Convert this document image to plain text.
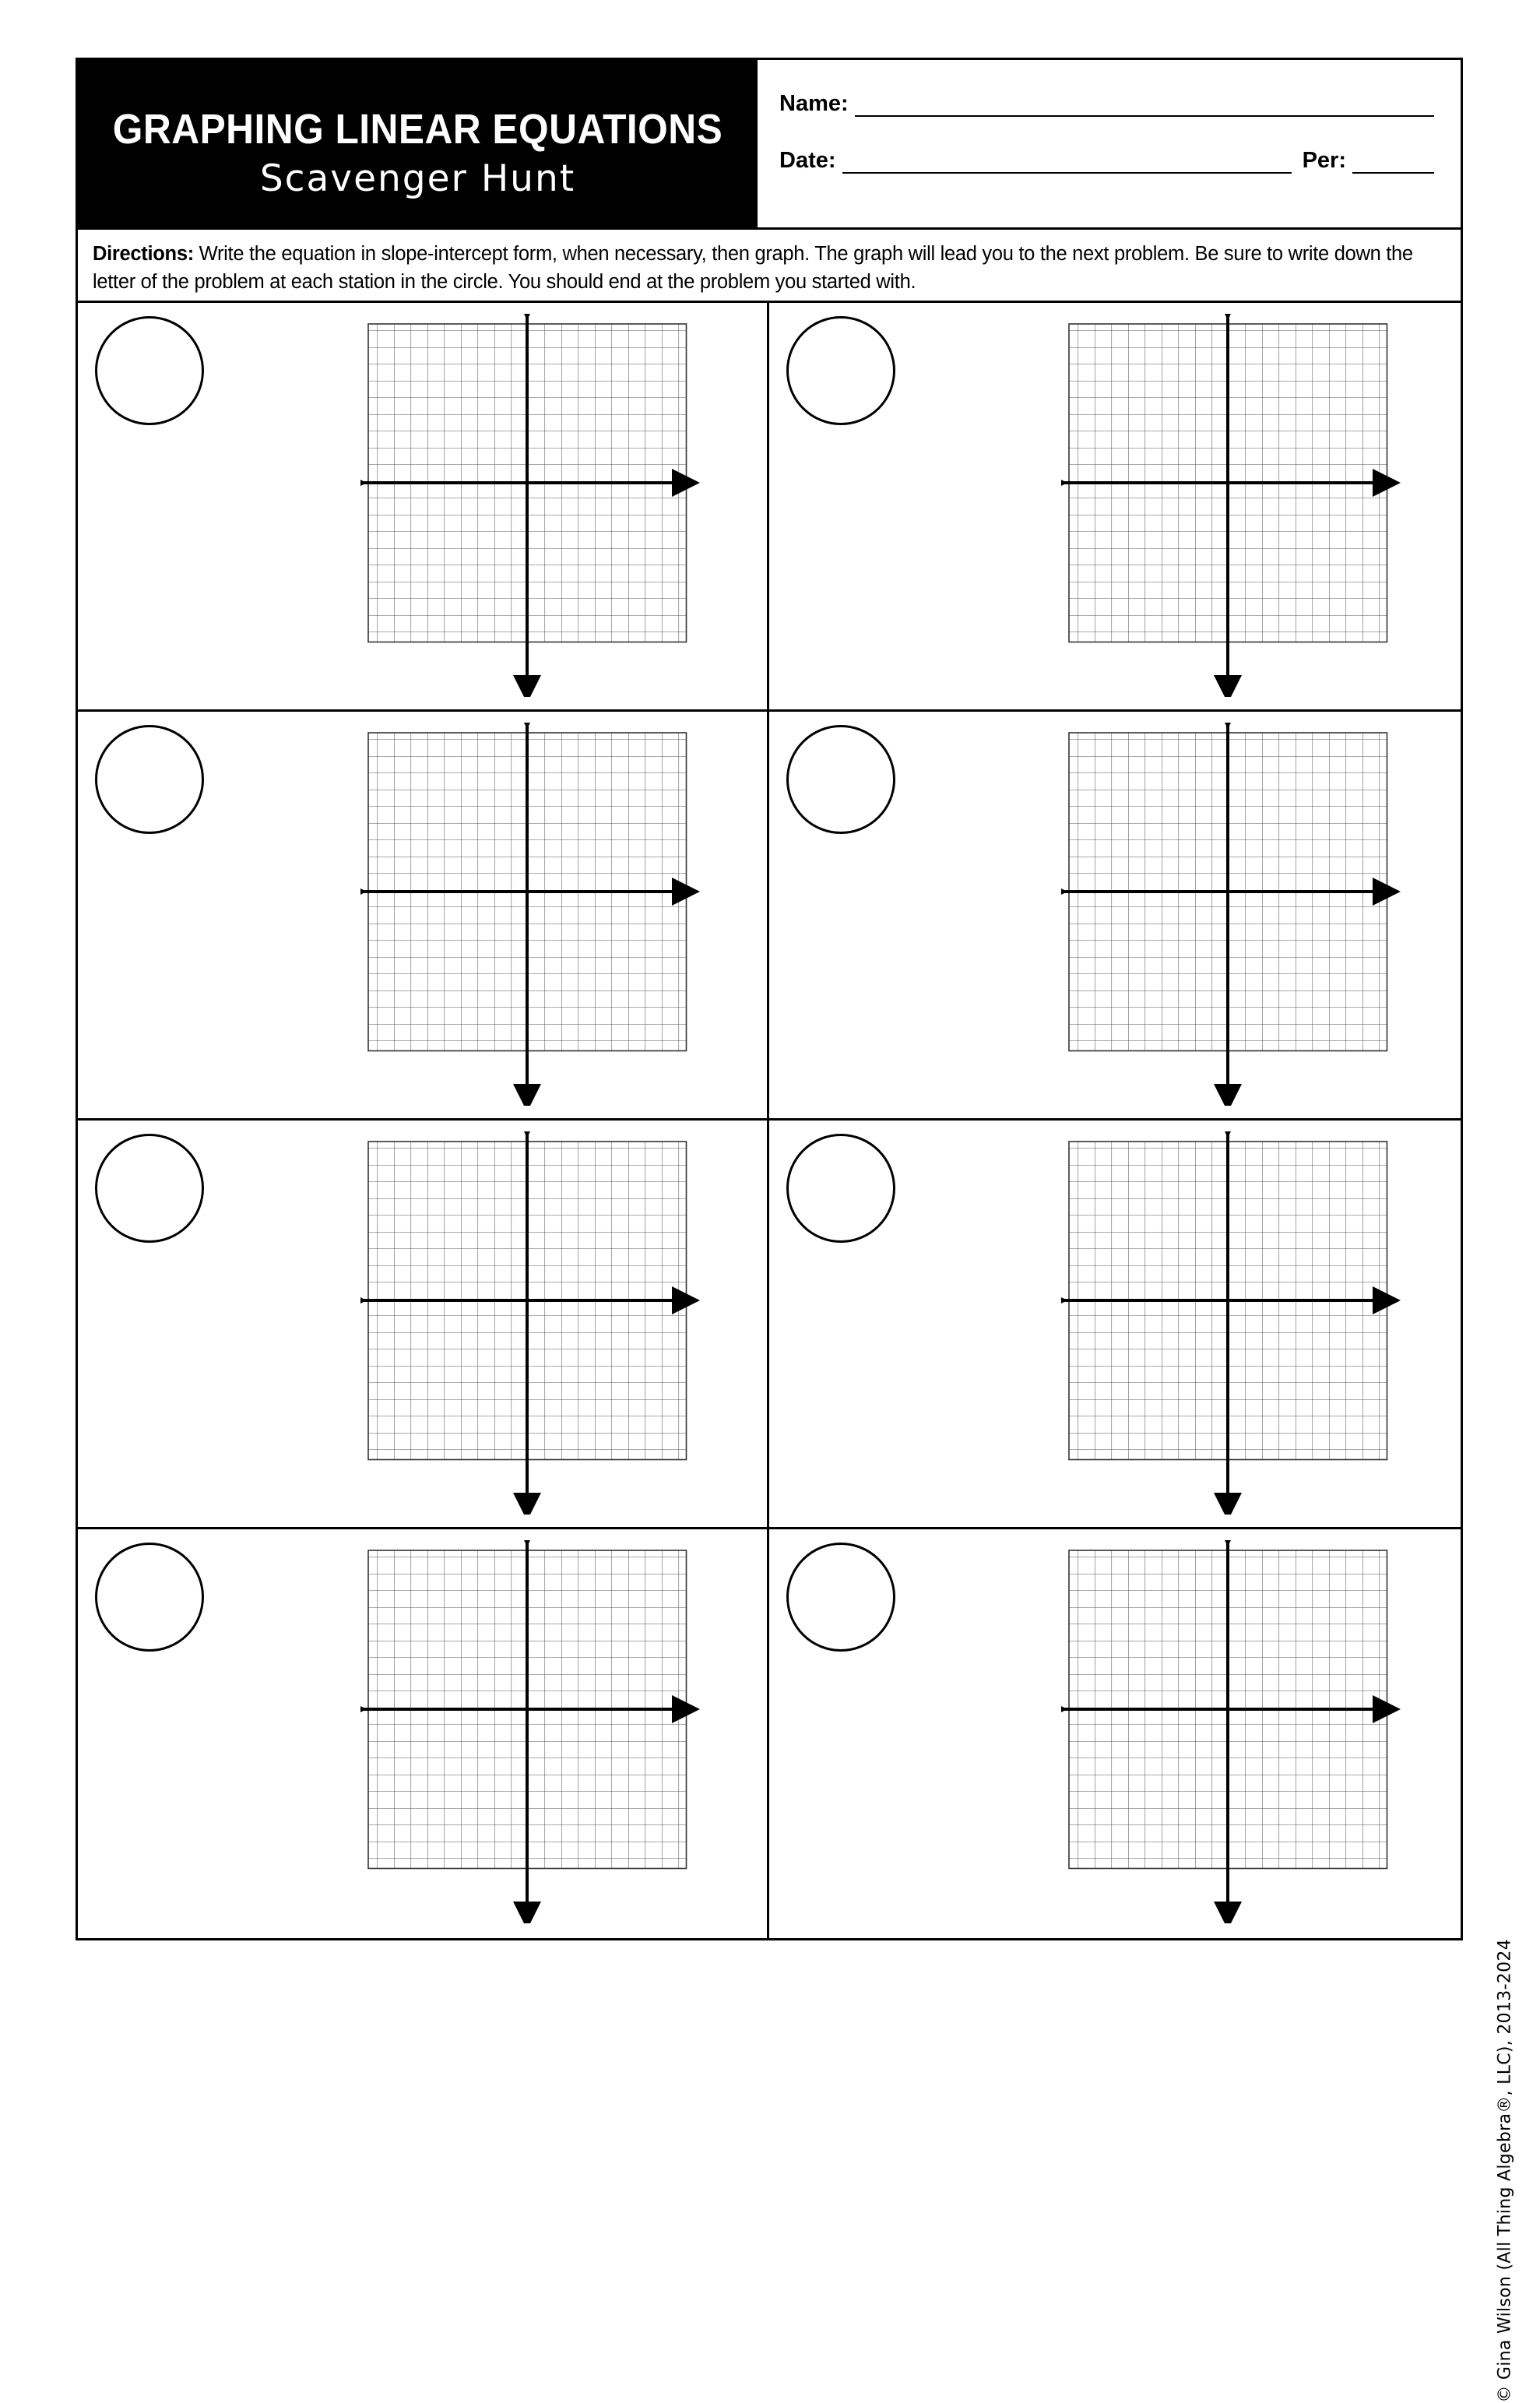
GRAPHING LINEAR EQUATIONS
Scavenger Hunt
Name:
Date:	Per:
Directions: Write the equation in slope-intercept form, when necessary, then graph. The graph will lead you to the next problem. Be sure to write down the letter of the problem at each station in the circle. You should end at the problem you started with.
© Gina Wilson (All Thing Algebra®, LLC), 2013-2024
